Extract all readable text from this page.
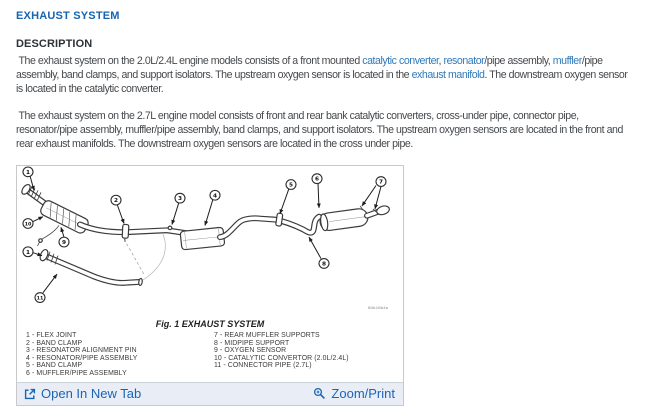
EXHAUST SYSTEM
DESCRIPTION
The exhaust system on the 2.0L/2.4L engine models consists of a front mounted catalytic converter, resonator/pipe assembly, muffler/pipe assembly, band clamps, and support isolators. The upstream oxygen sensor is located in the exhaust manifold. The downstream oxygen sensor is located in the catalytic converter.
The exhaust system on the 2.7L engine model consists of front and rear bank catalytic converters, cross-under pipe, connector pipe, resonator/pipe assembly, muffler/pipe assembly, band clamps, and support isolators. The upstream oxygen sensors are located in the front and rear exhaust manifolds. The downstream oxygen sensors are located in the cross under pipe.
1
2	3	4
5
6	7
8
9
10
1
11
80b16b4a
Fig. 1 EXHAUST SYSTEM
1 - FLEX JOINT
2 - BAND CLAMP
3 - RESONATOR ALIGNMENT PIN
4 - RESONATOR/PIPE ASSEMBLY
5 - BAND CLAMP
6 - MUFFLER/PIPE ASSEMBLY
7 - REAR MUFFLER SUPPORTS
8 - MIDPIPE SUPPORT
9 - OXYGEN SENSOR
10 - CATALYTIC CONVERTOR (2.0L/2.4L)
11 - CONNECTOR PIPE (2.7L)
Open In New Tab	Zoom/Print
